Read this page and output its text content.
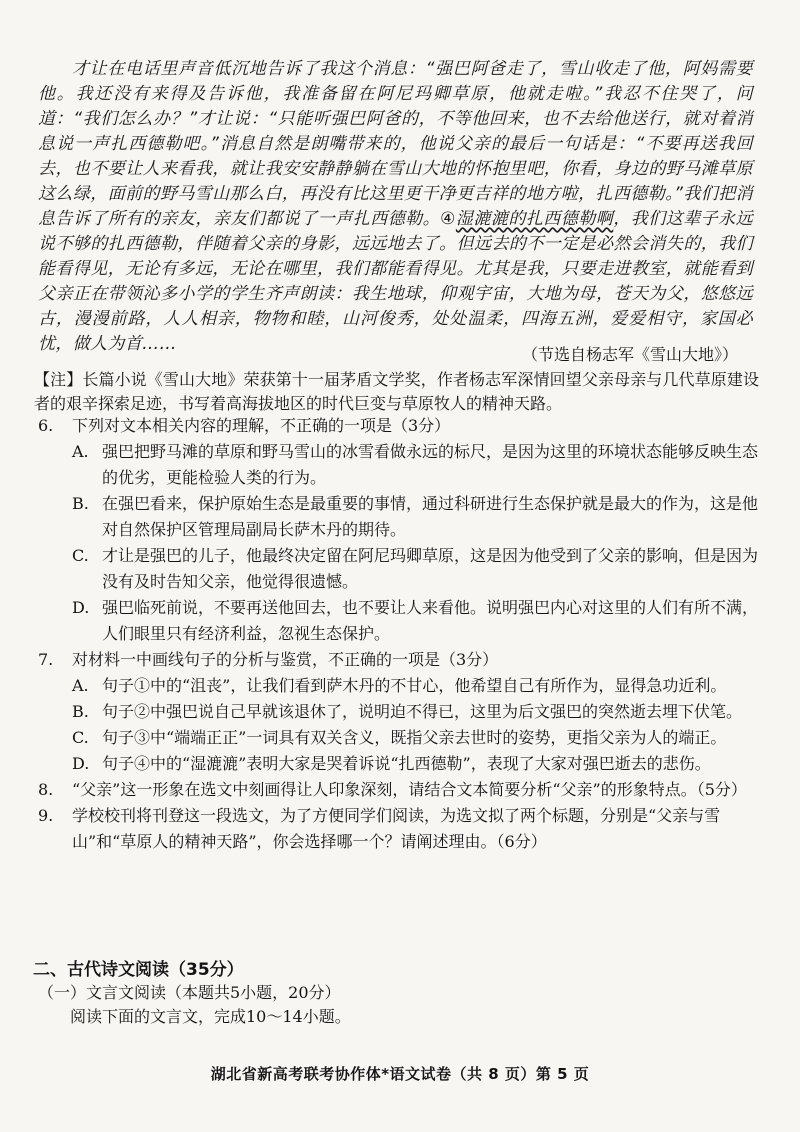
才让在电话里声音低沉地告诉了我这个消息：“强巴阿爸走了，雪山收走了他，阿妈需要他。我还没有来得及告诉他，我准备留在阿尼玛卿草原，他就走啦。”我忍不住哭了，问道：“我们怎么办？”才让说：“只能听强巴阿爸的，不等他回来，也不去给他送行，就对着消息说一声扎西德勒吧。”消息自然是朗嘴带来的，他说父亲的最后一句话是：“不要再送我回去，也不要让人来看我，就让我安安静静躺在雪山大地的怀抱里吧，你看，身边的野马滩草原这么绿，面前的野马雪山那么白，再没有比这里更干净更吉祥的地方啦，扎西德勒。”我们把消息告诉了所有的亲友，亲友们都说了一声扎西德勒。④湿漉漉的扎西德勒啊，我们这辈子永远说不够的扎西德勒，伴随着父亲的身影，远远地去了。但远去的不一定是必然会消失的，我们能看得见，无论有多远，无论在哪里，我们都能看得见。尤其是我，只要走进教室，就能看到父亲正在带领沁多小学的学生齐声朗读：我生地球，仰观宇宙，大地为母，苍天为父，悠悠远古，漫漫前路，人人相亲，物物和睦，山河俊秀，处处温柔，四海五洲，爱爱相守，家国必忧，做人为首……

（节选自杨志军《雪山大地》）
【注】长篇小说《雪山大地》荣获第十一届茅盾文学奖，作者杨志军深情回望父亲母亲与几代草原建设者的艰辛探索足迹，书写着高海拔地区的时代巨变与草原牧人的精神天路。
6.	下列对文本相关内容的理解，不正确的一项是（3分）
A. 强巴把野马滩的草原和野马雪山的冰雪看做永远的标尺，是因为这里的环境状态能够反映生态的优劣，更能检验人类的行为。
B. 在强巴看来，保护原始生态是最重要的事情，通过科研进行生态保护就是最大的作为，这是他对自然保护区管理局副局长萨木丹的期待。
C. 才让是强巴的儿子，他最终决定留在阿尼玛卿草原，这是因为他受到了父亲的影响，但是因为没有及时告知父亲，他觉得很遗憾。
D. 强巴临死前说，不要再送他回去，也不要让人来看他。说明强巴内心对这里的人们有所不满，人们眼里只有经济利益，忽视生态保护。
7.	对材料一中画线句子的分析与鉴赏，不正确的一项是（3分）
A. 句子①中的“沮丧”，让我们看到萨木丹的不甘心，他希望自己有所作为，显得急功近利。
B. 句子②中强巴说自己早就该退休了，说明迫不得已，这里为后文强巴的突然逝去埋下伏笔。
C. 句子③中“端端正正”一词具有双关含义，既指父亲去世时的姿势，更指父亲为人的端正。
D. 句子④中的“湿漉漉”表明大家是哭着诉说“扎西德勒”，表现了大家对强巴逝去的悲伤。
8.	“父亲”这一形象在选文中刻画得让人印象深刻，请结合文本简要分析“父亲”的形象特点。（5分）
9.	学校校刊将刊登这一段选文，为了方便同学们阅读，为选文拟了两个标题，分别是“父亲与雪山”和“草原人的精神天路”，你会选择哪一个？请阐述理由。（6分）
二、古代诗文阅读（35分）
（一）文言文阅读（本题共5小题，20分）
阅读下面的文言文，完成10～14小题。
湖北省新高考联考协作体*语文试卷（共 8 页）第 5 页
